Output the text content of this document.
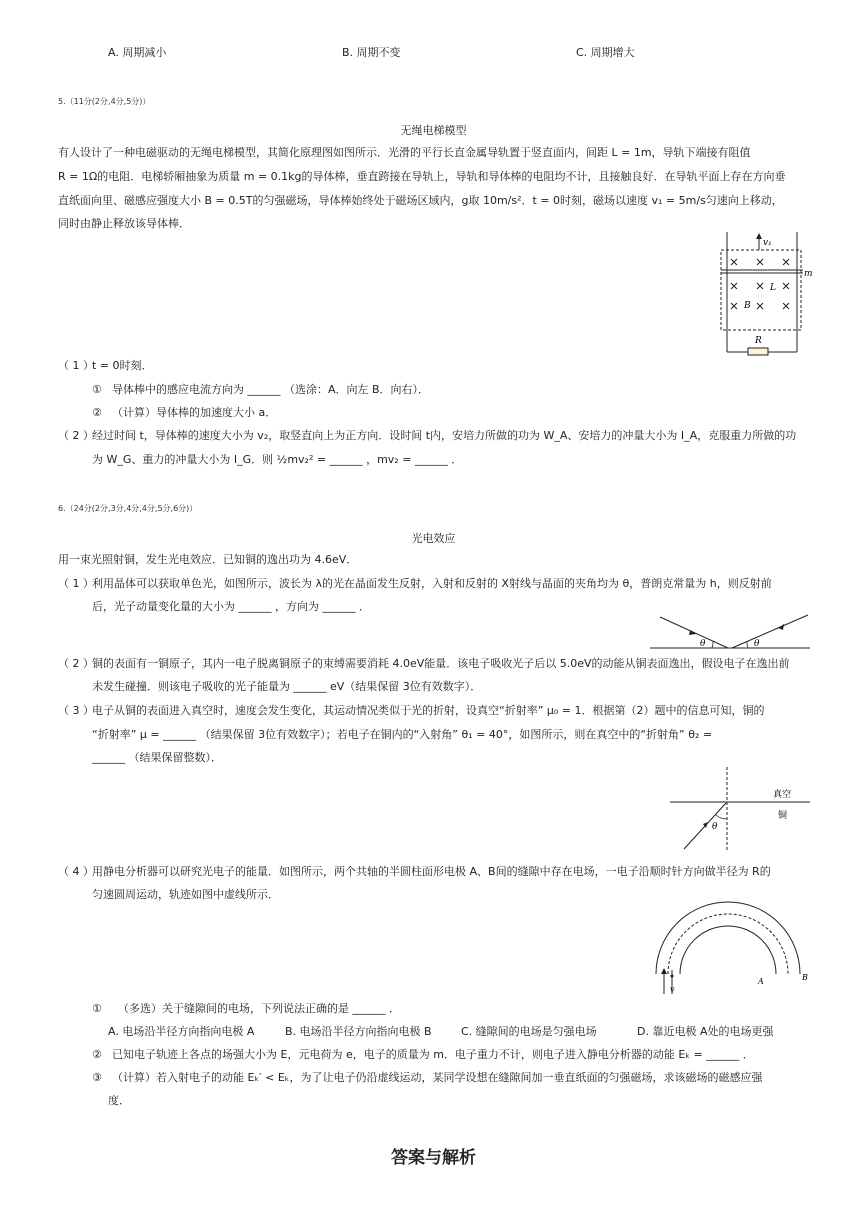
A. 周期减小	B. 周期不变	C. 周期增大
5.（11分(2分,4分,5分)）
无绳电梯模型
有人设计了一种电磁驱动的无绳电梯模型，其简化原理图如图所示．光滑的平行长直金属导轨置于竖直面内，间距 L = 1m，导轨下端接有阻值
R = 1Ω的电阻．电梯轿厢抽象为质量 m = 0.1kg的导体棒，垂直跨接在导轨上，导轨和导体棒的电阻均不计，且接触良好．在导轨平面上存在方向垂
直纸面向里、磁感应强度大小 B = 0.5T的匀强磁场，导体棒始终处于磁场区域内，g取 10m/s²．t = 0时刻，磁场以速度 v₁ = 5m/s匀速向上移动，
同时由静止释放该导体棒．
R
m
v₁
L
B
（ 1 ）
t = 0时刻．
① 导体棒中的感应电流方向为 ______ （选涂：A．向左 B．向右）．
② （计算）导体棒的加速度大小 a．
（ 2 ）
经过时间 t，导体棒的速度大小为 v₂，取竖直向上为正方向．设时间 t内，安培力所做的功为 W_A、安培力的冲量大小为 I_A，克服重力所做的功
为 W_G、重力的冲量大小为 I_G．则 ½mv₂² = ______ ，mv₂ = ______ ．
6.（24分(2分,3分,4分,4分,5分,6分)）
光电效应
用一束光照射铜，发生光电效应．已知铜的逸出功为 4.6eV．
（ 1 ）
利用晶体可以获取单色光，如图所示，波长为 λ的光在晶面发生反射，入射和反射的 X射线与晶面的夹角均为 θ，普朗克常量为 h，则反射前
后，光子动量变化量的大小为 ______ ，方向为 ______ ．
θ	θ
（ 2 ）
铜的表面有一铜原子，其内一电子脱离铜原子的束缚需要消耗 4.0eV能量．该电子吸收光子后以 5.0eV的动能从铜表面逸出，假设电子在逸出前
未发生碰撞．则该电子吸收的光子能量为 ______ eV（结果保留 3位有效数字）．
（ 3 ）
电子从铜的表面进入真空时，速度会发生变化，其运动情况类似于光的折射，设真空“折射率” μ₀ = 1．根据第（2）题中的信息可知，铜的
“折射率” μ = ______ （结果保留 3位有效数字）；若电子在铜内的“入射角” θ₁ = 40°，如图所示，则在真空中的“折射角” θ₂ =
______ （结果保留整数）．
θ
真空
铜
（ 4 ）
用静电分析器可以研究光电子的能量．如图所示，两个共轴的半圆柱面形电极 A、B间的缝隙中存在电场，一电子沿顺时针方向做半径为 R的
匀速圆周运动，轨迹如图中虚线所示．
v
A	B
① （多选）关于缝隙间的电场，下列说法正确的是 ______ ．
A. 电场沿半径方向指向电极 A	B. 电场沿半径方向指向电极 B	C. 缝隙间的电场是匀强电场	D. 靠近电极 A处的电场更强
② 已知电子轨迹上各点的场强大小为 E，元电荷为 e，电子的质量为 m．电子重力不计，则电子进入静电分析器的动能 Eₖ = ______ ．
③ （计算）若入射电子的动能 Eₖ′ < Eₖ，为了让电子仍沿虚线运动，某同学设想在缝隙间加一垂直纸面的匀强磁场，求该磁场的磁感应强
度．
答案与解析
